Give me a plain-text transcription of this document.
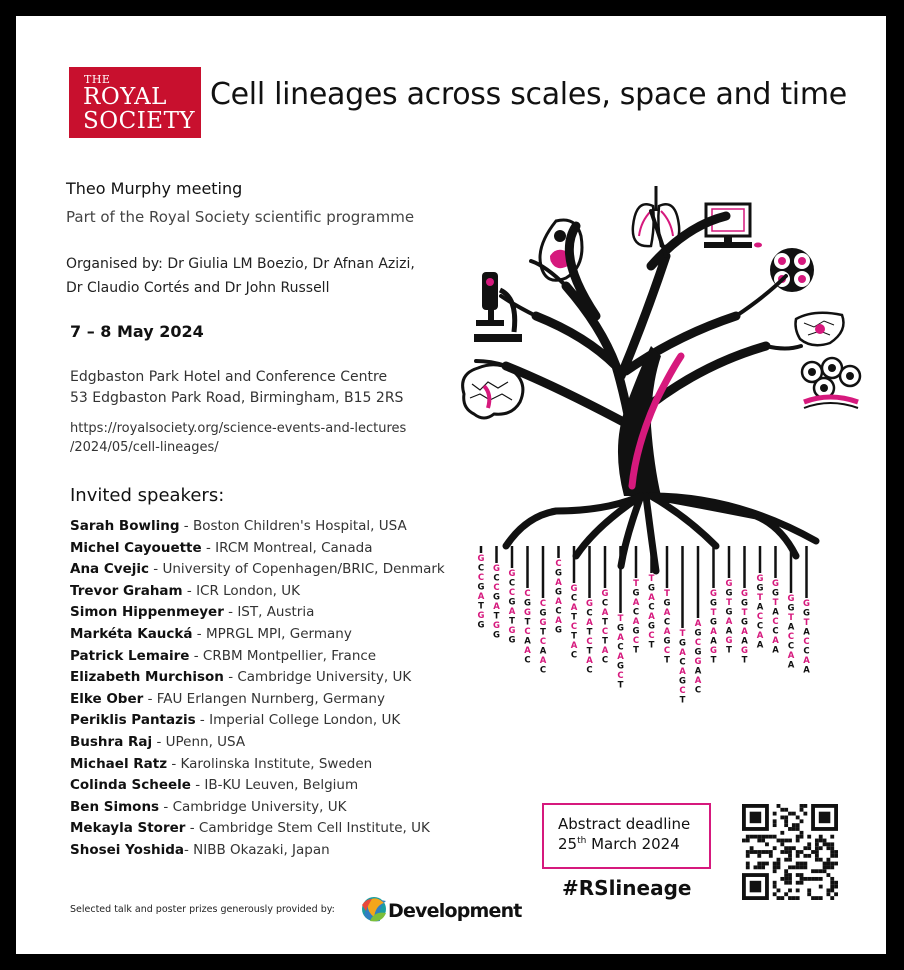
THE
ROYAL
SOCIETY
Cell lineages across scales, space and time
Theo Murphy meeting
Part of the Royal Society scientific programme
Organised by: Dr Giulia LM Boezio, Dr Afnan Azizi,
Dr Claudio Cortés and Dr John Russell
7 – 8 May 2024
Edgbaston Park Hotel and Conference Centre
53 Edgbaston Park Road, Birmingham, B15 2RS
https://royalsociety.org/science-events-and-lectures
/2024/05/cell-lineages/
Invited speakers:
Sarah Bowling - Boston Children's Hospital, USA
Michel Cayouette - IRCM Montreal, Canada
Ana Cvejic - University of Copenhagen/BRIC, Denmark
Trevor Graham - ICR London, UK
Simon Hippenmeyer - IST, Austria
Markéta Kaucká - MPRGL MPI, Germany
Patrick Lemaire - CRBM Montpellier, France
Elizabeth Murchison - Cambridge University, UK
Elke Ober - FAU Erlangen Nurnberg, Germany
Periklis Pantazis - Imperial College London, UK
Bushra Raj - UPenn, USA
Michael Ratz - Karolinska Institute, Sweden
Colinda Scheele - IB-KU Leuven, Belgium
Ben Simons - Cambridge University, UK
Mekayla Storer - Cambridge Stem Cell Institute, UK
Shosei Yoshida- NIBB Okazaki, Japan
Selected talk and poster prizes generously provided by:	Development
Abstract deadline
25th March 2024
#RSlineage
G
C
C
G
A
T
G
G
G
C
C
G
A
T
G
G
G
C
C
G
A
T
G
G
C
G
G
T
C
A
A
C
C
G
G
T
C
A
A
C
C
G
A
G
A
C
A
G
G
C
A
T
C
T
A
C
G
C
A
T
C
T
A
C
G
C
A
T
C
T
A
C
T
G
A
C
A
G
C
T
T
G
A
C
A
G
C
T
T
G
A
C
A
G
C
T
T
G
A
C
A
G
C
T
T
G
A
C
A
G
C
T
A
G
C
G
G
A
A
C
G
G
T
G
A
A
G
T
G
G
T
G
A
A
G
T
G
G
T
G
A
A
G
T
G
G
T
A
C
C
A
A
G
G
T
A
C
C
A
A
G
G
T
A
C
C
A
A
G
G
T
A
C
C
A
A
